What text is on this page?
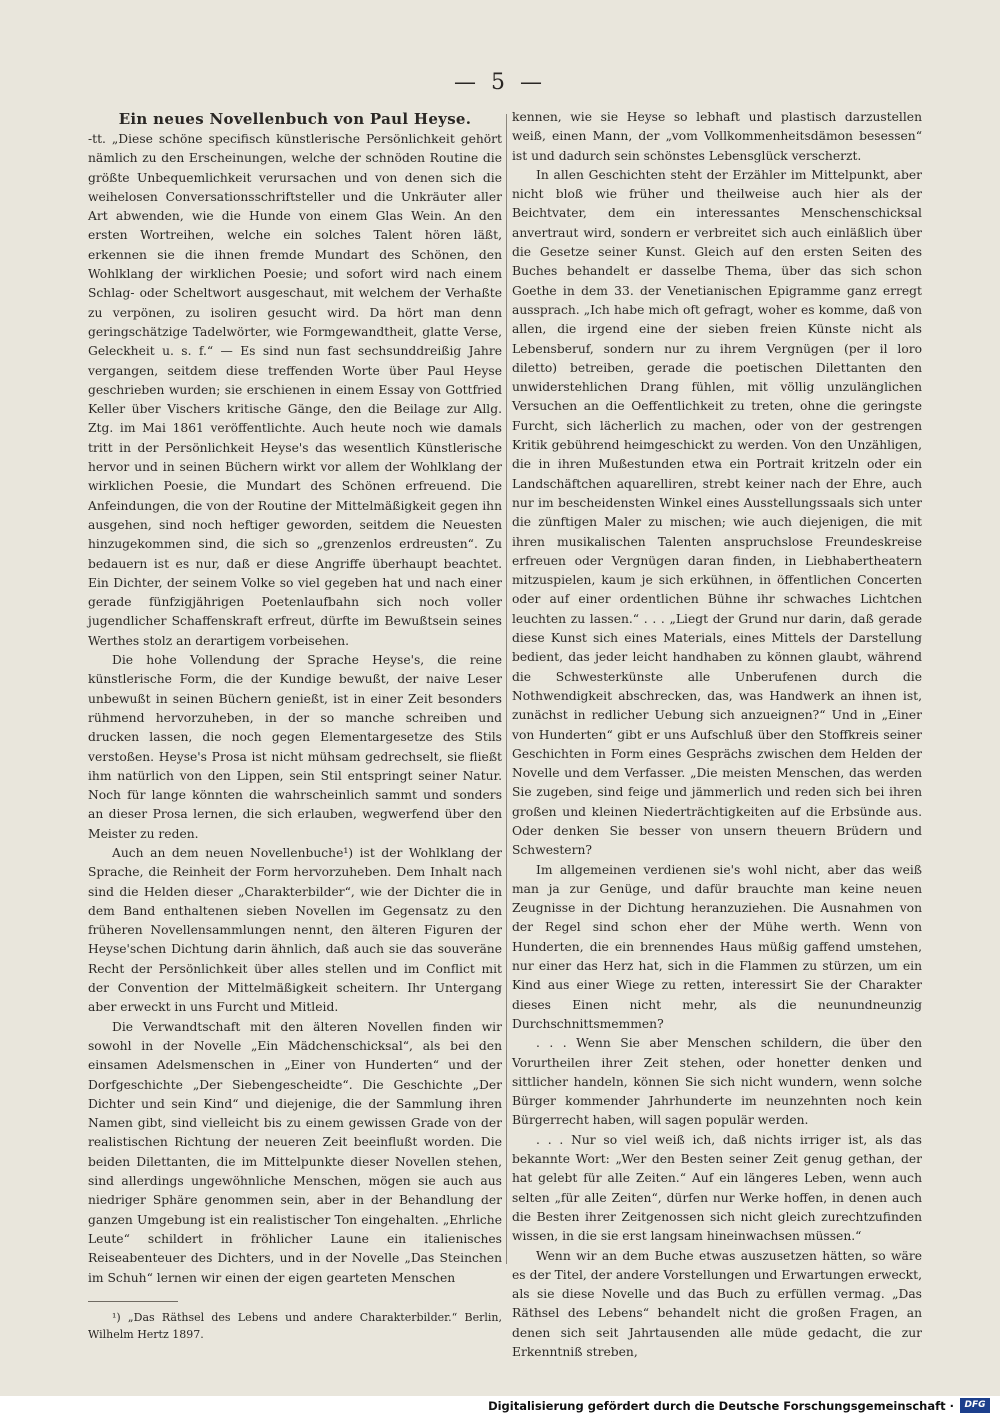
— 5 —
Ein neues Novellenbuch von Paul Heyse.

-tt. „Diese schöne specifisch künstlerische Persönlichkeit gehört nämlich zu den Erscheinungen, welche der schnöden Routine die größte Unbequemlichkeit verursachen und von denen sich die weihelosen Conversationsschriftsteller und die Unkräuter aller Art abwenden, wie die Hunde von einem Glas Wein. An den ersten Wortreihen, welche ein solches Talent hören läßt, erkennen sie die ihnen fremde Mundart des Schönen, den Wohlklang der wirklichen Poesie; und sofort wird nach einem Schlag- oder Scheltwort ausgeschaut, mit welchem der Verhaßte zu verpönen, zu isoliren gesucht wird. Da hört man denn geringschätzige Tadelwörter, wie Formgewandtheit, glatte Verse, Geleckheit u. s. f.“ — Es sind nun fast sechsunddreißig Jahre vergangen, seitdem diese treffenden Worte über Paul Heyse geschrieben wurden; sie erschienen in einem Essay von Gottfried Keller über Vischers kritische Gänge, den die Beilage zur Allg. Ztg. im Mai 1861 veröffentlichte. Auch heute noch wie damals tritt in der Persönlichkeit Heyse's das wesentlich Künstlerische hervor und in seinen Büchern wirkt vor allem der Wohlklang der wirklichen Poesie, die Mundart des Schönen erfreuend. Die Anfeindungen, die von der Routine der Mittelmäßigkeit gegen ihn ausgehen, sind noch heftiger geworden, seitdem die Neuesten hinzugekommen sind, die sich so „grenzenlos erdreusten“. Zu bedauern ist es nur, daß er diese Angriffe überhaupt beachtet. Ein Dichter, der seinem Volke so viel gegeben hat und nach einer gerade fünfzigjährigen Poetenlaufbahn sich noch voller jugendlicher Schaffenskraft erfreut, dürfte im Bewußtsein seines Werthes stolz an derartigem vorbeisehen.

Die hohe Vollendung der Sprache Heyse's, die reine künstlerische Form, die der Kundige bewußt, der naive Leser unbewußt in seinen Büchern genießt, ist in einer Zeit besonders rühmend hervorzuheben, in der so manche schreiben und drucken lassen, die noch gegen Elementargesetze des Stils verstoßen. Heyse's Prosa ist nicht mühsam gedrechselt, sie fließt ihm natürlich von den Lippen, sein Stil entspringt seiner Natur. Noch für lange könnten die wahrscheinlich sammt und sonders an dieser Prosa lernen, die sich erlauben, wegwerfend über den Meister zu reden.

Auch an dem neuen Novellenbuche¹) ist der Wohlklang der Sprache, die Reinheit der Form hervorzuheben. Dem Inhalt nach sind die Helden dieser „Charakterbilder“, wie der Dichter die in dem Band enthaltenen sieben Novellen im Gegensatz zu den früheren Novellensammlungen nennt, den älteren Figuren der Heyse'schen Dichtung darin ähnlich, daß auch sie das souveräne Recht der Persönlichkeit über alles stellen und im Conflict mit der Convention der Mittelmäßigkeit scheitern. Ihr Untergang aber erweckt in uns Furcht und Mitleid.

Die Verwandtschaft mit den älteren Novellen finden wir sowohl in der Novelle „Ein Mädchenschicksal“, als bei den einsamen Adelsmenschen in „Einer von Hunderten“ und der Dorfgeschichte „Der Siebengescheidte“. Die Geschichte „Der Dichter und sein Kind“ und diejenige, die der Sammlung ihren Namen gibt, sind vielleicht bis zu einem gewissen Grade von der realistischen Richtung der neueren Zeit beeinflußt worden. Die beiden Dilettanten, die im Mittelpunkte dieser Novellen stehen, sind allerdings ungewöhnliche Menschen, mögen sie auch aus niedriger Sphäre genommen sein, aber in der Behandlung der ganzen Umgebung ist ein realistischer Ton eingehalten. „Ehrliche Leute“ schildert in fröhlicher Laune ein italienisches Reiseabenteuer des Dichters, und in der Novelle „Das Steinchen im Schuh“ lernen wir einen der eigen gearteten Menschen

¹) „Das Räthsel des Lebens und andere Charakterbilder.“ Berlin, Wilhelm Hertz 1897.

kennen, wie sie Heyse so lebhaft und plastisch darzustellen weiß, einen Mann, der „vom Vollkommenheitsdämon besessen“ ist und dadurch sein schönstes Lebensglück verscherzt.

In allen Geschichten steht der Erzähler im Mittelpunkt, aber nicht bloß wie früher und theilweise auch hier als der Beichtvater, dem ein interessantes Menschenschicksal anvertraut wird, sondern er verbreitet sich auch einläßlich über die Gesetze seiner Kunst. Gleich auf den ersten Seiten des Buches behandelt er dasselbe Thema, über das sich schon Goethe in dem 33. der Venetianischen Epigramme ganz erregt aussprach. „Ich habe mich oft gefragt, woher es komme, daß von allen, die irgend eine der sieben freien Künste nicht als Lebensberuf, sondern nur zu ihrem Vergnügen (per il loro diletto) betreiben, gerade die poetischen Dilettanten den unwiderstehlichen Drang fühlen, mit völlig unzulänglichen Versuchen an die Oeffentlichkeit zu treten, ohne die geringste Furcht, sich lächerlich zu machen, oder von der gestrengen Kritik gebührend heimgeschickt zu werden. Von den Unzähligen, die in ihren Mußestunden etwa ein Portrait kritzeln oder ein Landschäftchen aquarelliren, strebt keiner nach der Ehre, auch nur im bescheidensten Winkel eines Ausstellungssaals sich unter die zünftigen Maler zu mischen; wie auch diejenigen, die mit ihren musikalischen Talenten anspruchslose Freundeskreise erfreuen oder Vergnügen daran finden, in Liebhabertheatern mitzuspielen, kaum je sich erkühnen, in öffentlichen Concerten oder auf einer ordentlichen Bühne ihr schwaches Lichtchen leuchten zu lassen.“ . . . „Liegt der Grund nur darin, daß gerade diese Kunst sich eines Materials, eines Mittels der Darstellung bedient, das jeder leicht handhaben zu können glaubt, während die Schwesterkünste alle Unberufenen durch die Nothwendigkeit abschrecken, das, was Handwerk an ihnen ist, zunächst in redlicher Uebung sich anzueignen?“ Und in „Einer von Hunderten“ gibt er uns Aufschluß über den Stoffkreis seiner Geschichten in Form eines Gesprächs zwischen dem Helden der Novelle und dem Verfasser. „Die meisten Menschen, das werden Sie zugeben, sind feige und jämmerlich und reden sich bei ihren großen und kleinen Niederträchtigkeiten auf die Erbsünde aus. Oder denken Sie besser von unsern theuern Brüdern und Schwestern?

Im allgemeinen verdienen sie's wohl nicht, aber das weiß man ja zur Genüge, und dafür brauchte man keine neuen Zeugnisse in der Dichtung heranzuziehen. Die Ausnahmen von der Regel sind schon eher der Mühe werth. Wenn von Hunderten, die ein brennendes Haus müßig gaffend umstehen, nur einer das Herz hat, sich in die Flammen zu stürzen, um ein Kind aus einer Wiege zu retten, interessirt Sie der Charakter dieses Einen nicht mehr, als die neunundneunzig Durchschnittsmemmen?

. . . Wenn Sie aber Menschen schildern, die über den Vorurtheilen ihrer Zeit stehen, oder honetter denken und sittlicher handeln, können Sie sich nicht wundern, wenn solche Bürger kommender Jahrhunderte im neunzehnten noch kein Bürgerrecht haben, will sagen populär werden.

. . . Nur so viel weiß ich, daß nichts irriger ist, als das bekannte Wort: „Wer den Besten seiner Zeit genug gethan, der hat gelebt für alle Zeiten.“ Auf ein längeres Leben, wenn auch selten „für alle Zeiten“, dürfen nur Werke hoffen, in denen auch die Besten ihrer Zeitgenossen sich nicht gleich zurechtzufinden wissen, in die sie erst langsam hineinwachsen müssen.“

Wenn wir an dem Buche etwas auszusetzen hätten, so wäre es der Titel, der andere Vorstellungen und Erwartungen erweckt, als sie diese Novelle und das Buch zu erfüllen vermag. „Das Räthsel des Lebens“ behandelt nicht die großen Fragen, an denen sich seit Jahrtausenden alle müde gedacht, die zur Erkenntniß streben,

Digitalisierung gefördert durch die Deutsche Forschungsgemeinschaft ·	DFG
